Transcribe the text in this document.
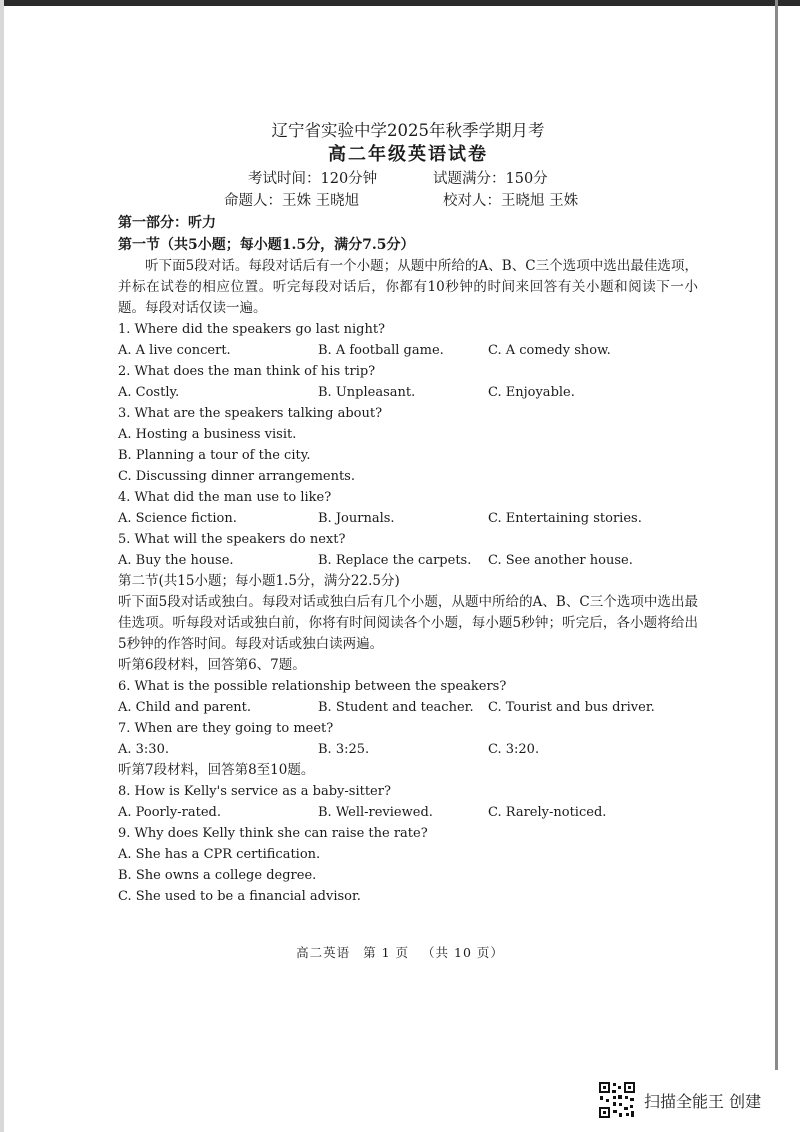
辽宁省实验中学2025年秋季学期月考
高二年级英语试卷
考试时间：120分钟	试题满分：150分
命题人：王姝 王晓旭	校对人：王晓旭 王姝
第一部分：听力
第一节（共5小题；每小题1.5分，满分7.5分）
听下面5段对话。每段对话后有一个小题；从题中所给的A、B、C三个选项中选出最佳选项，并标在试卷的相应位置。听完每段对话后，你都有10秒钟的时间来回答有关小题和阅读下一小题。每段对话仅读一遍。
1. Where did the speakers go last night?
A. A live concert.	B. A football game.	C. A comedy show.
2. What does the man think of his trip?
A. Costly.	B. Unpleasant.	C. Enjoyable.
3. What are the speakers talking about?
A. Hosting a business visit.
B. Planning a tour of the city.
C. Discussing dinner arrangements.
4. What did the man use to like?
A. Science fiction.	B. Journals.	C. Entertaining stories.
5. What will the speakers do next?
A. Buy the house.	B. Replace the carpets. C. See another house.
第二节(共15小题；每小题1.5分，满分22.5分)
听下面5段对话或独白。每段对话或独白后有几个小题，从题中所给的A、B、C三个选项中选出最佳选项。听每段对话或独白前，你将有时间阅读各个小题，每小题5秒钟；听完后，各小题将给出5秒钟的作答时间。每段对话或独白读两遍。
听第6段材料，回答第6、7题。
6. What is the possible relationship between the speakers?
A. Child and parent.	B. Student and teacher. C. Tourist and bus driver.
7. When are they going to meet?
A. 3:30.	B. 3:25.	C. 3:20.
听第7段材料，回答第8至10题。
8. How is Kelly's service as a baby-sitter?
A. Poorly-rated.	B. Well-reviewed.	C. Rarely-noticed.
9. Why does Kelly think she can raise the rate?
A. She has a CPR certification.
B. She owns a college degree.
C. She used to be a financial advisor.
高二英语 第 1 页 （共 10 页）
扫描全能王 创建
